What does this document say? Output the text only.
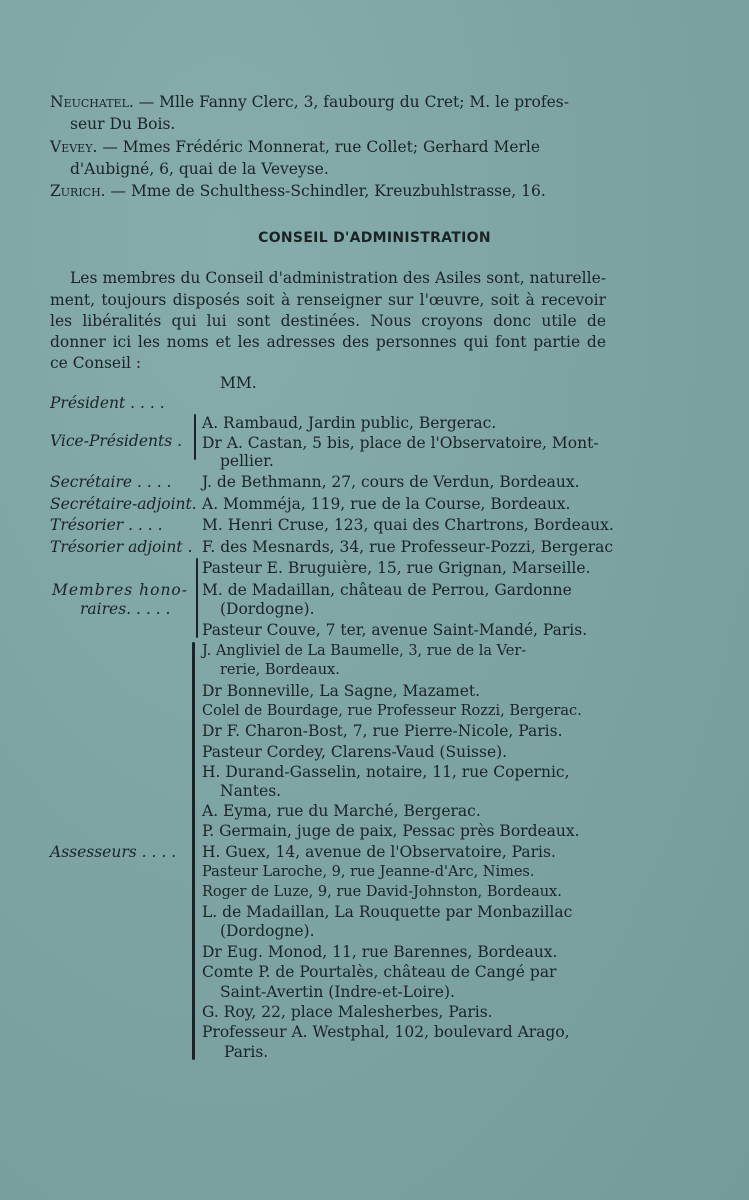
Neuchatel. — Mlle Fanny Clerc, 3, faubourg du Cret; M. le profes-
seur Du Bois.
Vevey. — Mmes Frédéric Monnerat, rue Collet; Gerhard Merle
d'Aubigné, 6, quai de la Veveyse.
Zurich. — Mme de Schulthess-Schindler, Kreuzbuhlstrasse, 16.
CONSEIL D'ADMINISTRATION
Les membres du Conseil d'administration des Asiles sont, naturelle-
ment, toujours disposés soit à renseigner sur l'œuvre, soit à recevoir
les libéralités qui lui sont destinées. Nous croyons donc utile de
donner ici les noms et les adresses des personnes qui font partie de
ce Conseil :
MM.
Président . . . .
Vice-Présidents .
Secrétaire . . . .
Secrétaire-adjoint.
Trésorier . . . .
Trésorier adjoint .
Membres hono-
raires. . . . .
Assesseurs . . . .
A. Rambaud, Jardin public, Bergerac.
Dr A. Castan, 5 bis, place de l'Observatoire, Mont-
pellier.
J. de Bethmann, 27, cours de Verdun, Bordeaux.
A. Momméja, 119, rue de la Course, Bordeaux.
M. Henri Cruse, 123, quai des Chartrons, Bordeaux.
F. des Mesnards, 34, rue Professeur-Pozzi, Bergerac
Pasteur E. Bruguière, 15, rue Grignan, Marseille.
M. de Madaillan, château de Perrou, Gardonne
(Dordogne).
Pasteur Couve, 7 ter, avenue Saint-Mandé, Paris.
J. Angliviel de La Baumelle, 3, rue de la Ver-
rerie, Bordeaux.
Dr Bonneville, La Sagne, Mazamet.
Colel de Bourdage, rue Professeur Rozzi, Bergerac.
Dr F. Charon-Bost, 7, rue Pierre-Nicole, Paris.
Pasteur Cordey, Clarens-Vaud (Suisse).
H. Durand-Gasselin, notaire, 11, rue Copernic,
Nantes.
A. Eyma, rue du Marché, Bergerac.
P. Germain, juge de paix, Pessac près Bordeaux.
H. Guex, 14, avenue de l'Observatoire, Paris.
Pasteur Laroche, 9, rue Jeanne-d'Arc, Nimes.
Roger de Luze, 9, rue David-Johnston, Bordeaux.
L. de Madaillan, La Rouquette par Monbazillac
(Dordogne).
Dr Eug. Monod, 11, rue Barennes, Bordeaux.
Comte P. de Pourtalès, château de Cangé par
Saint-Avertin (Indre-et-Loire).
G. Roy, 22, place Malesherbes, Paris.
Professeur A. Westphal, 102, boulevard Arago,
Paris.
